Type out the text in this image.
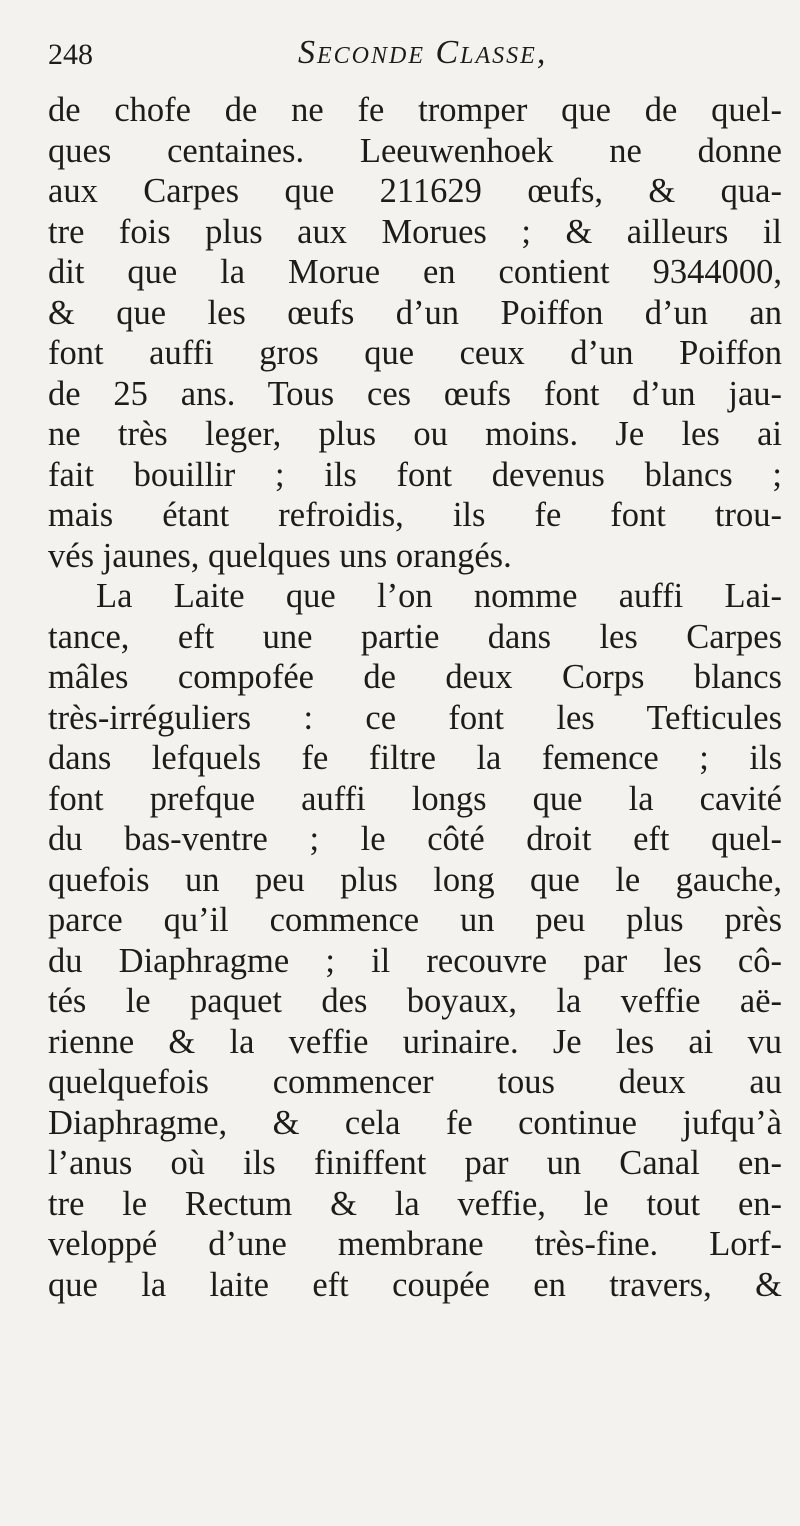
248	Seconde Classe,
de chofe de ne fe tromper que de quel-
ques centaines. Leeuwenhoek ne donne
aux Carpes que 211629 œufs, & qua-
tre fois plus aux Morues ; & ailleurs il
dit que la Morue en contient 9344000,
& que les œufs d’un Poiffon d’un an
font auffi gros que ceux d’un Poiffon
de 25 ans. Tous ces œufs font d’un jau-
ne très leger, plus ou moins. Je les ai
fait bouillir ; ils font devenus blancs ;
mais étant refroidis, ils fe font trou-
vés jaunes, quelques uns orangés.
La Laite que l’on nomme auffi Lai-
tance, eft une partie dans les Carpes
mâles compofée de deux Corps blancs
très-irréguliers : ce font les Tefticules
dans lefquels fe filtre la femence ; ils
font prefque auffi longs que la cavité
du bas-ventre ; le côté droit eft quel-
quefois un peu plus long que le gauche,
parce qu’il commence un peu plus près
du Diaphragme ; il recouvre par les cô-
tés le paquet des boyaux, la veffie aë-
rienne & la veffie urinaire. Je les ai vu
quelquefois commencer tous deux au
Diaphragme, & cela fe continue jufqu’à
l’anus où ils finiffent par un Canal en-
tre le Rectum & la veffie, le tout en-
veloppé d’une membrane très-fine. Lorf-
que la laite eft coupée en travers, &
